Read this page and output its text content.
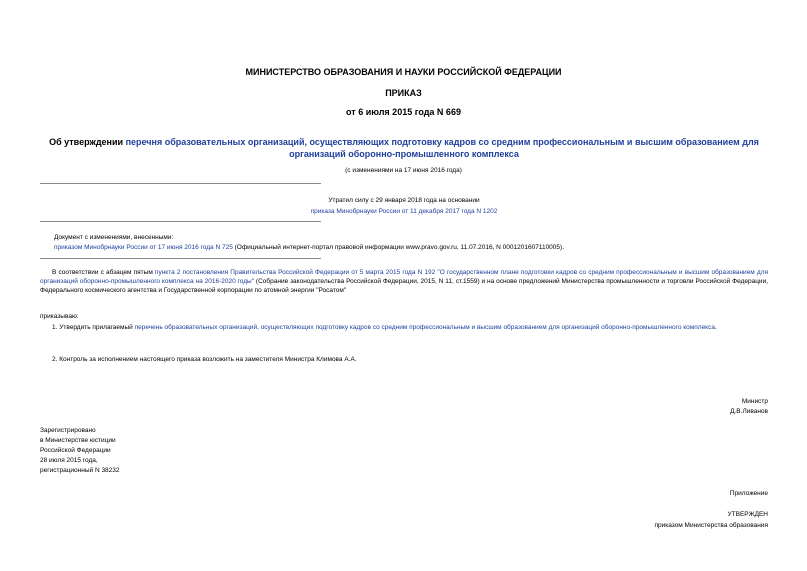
МИНИСТЕРСТВО ОБРАЗОВАНИЯ И НАУКИ РОССИЙСКОЙ ФЕДЕРАЦИИ
ПРИКАЗ
от 6 июля 2015 года N 669
Об утверждении перечня образовательных организаций, осуществляющих подготовку кадров со средним профессиональным и высшим образованием для организаций оборонно-промышленного комплекса
(с изменениями на 17 июня 2016 года)
Утратил силу с 29 января 2018 года на основании
приказа Минобрнауки России от 11 декабря 2017 года N 1202
Документ с изменениями, внесенными:
приказом Минобрнауки России от 17 июня 2016 года N 725 (Официальный интернет-портал правовой информации www.pravo.gov.ru, 11.07.2016, N 0001201607110005).
В соответствии с абзацем пятым пункта 2 постановления Правительства Российской Федерации от 5 марта 2015 года N 192 "О государственном плане подготовки кадров со средним профессиональным и высшим образованием для организаций оборонно-промышленного комплекса на 2016-2020 годы" (Собрание законодательства Российской Федерации, 2015, N 11, ст.1559) и на основе предложений Министерства промышленности и торговли Российской Федерации, Федерального космического агентства и Государственной корпорации по атомной энергии "Росатом"
приказываю:
1. Утвердить прилагаемый перечень образовательных организаций, осуществляющих подготовку кадров со средним профессиональным и высшим образованием для организаций оборонно-промышленного комплекса.
2. Контроль за исполнением настоящего приказа возложить на заместителя Министра Климова А.А.
Министр
Д.В.Ливанов
Зарегистрировано
в Министерстве юстиции
Российской Федерации
28 июля 2015 года,
регистрационный N 38232
Приложение
УТВЕРЖДЕН
приказом Министерства образования
